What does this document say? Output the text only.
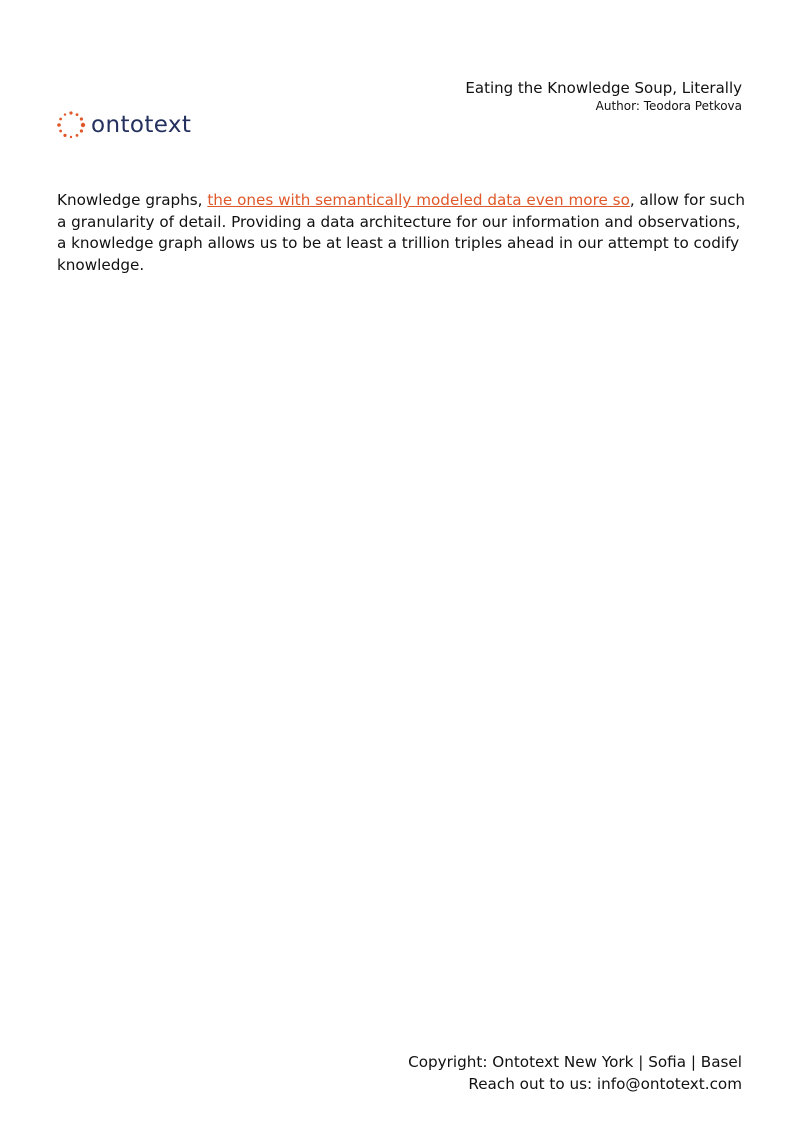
Eating the Knowledge Soup, Literally
Author: Teodora Petkova
ontotext

Knowledge graphs, the ones with semantically modeled data even more so, allow for such a granularity of detail. Providing a data architecture for our information and observations, a knowledge graph allows us to be at least a trillion triples ahead in our attempt to codify knowledge.

Copyright: Ontotext New York | Sofia | Basel
Reach out to us: info@ontotext.com
